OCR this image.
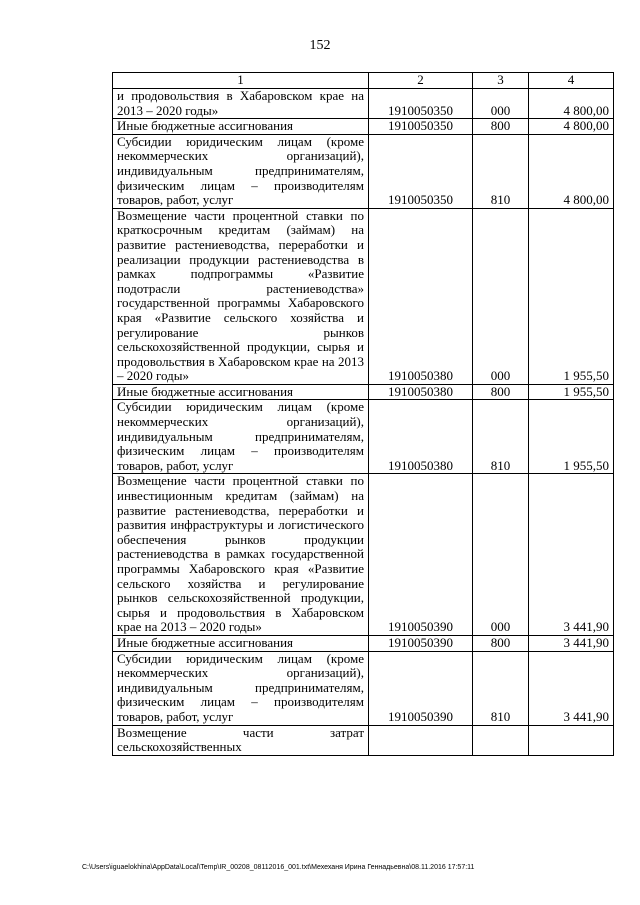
152
1	2	3	4
и продовольствия в Хабаровском крае на 2013 – 2020 годы»	1910050350	000	4 800,00
Иные бюджетные ассигнования	1910050350	800	4 800,00
Субсидии юридическим лицам (кроме некоммерческих организаций), индивидуальным предпринимателям, физическим лицам – производителям товаров, работ, услуг	1910050350	810	4 800,00
Возмещение части процентной ставки по краткосрочным кредитам (займам) на развитие растениеводства, переработки и реализации продукции растениеводства в рамках подпрограммы «Развитие подотрасли растениеводства» государственной программы Хабаровского края «Развитие сельского хозяйства и регулирование рынков сельскохозяйственной продукции, сырья и продовольствия в Хабаровском крае на 2013 – 2020 годы»	1910050380	000	1 955,50
Иные бюджетные ассигнования	1910050380	800	1 955,50
Субсидии юридическим лицам (кроме некоммерческих организаций), индивидуальным предпринимателям, физическим лицам – производителям товаров, работ, услуг	1910050380	810	1 955,50
Возмещение части процентной ставки по инвестиционным кредитам (займам) на развитие растениеводства, переработки и развития инфраструктуры и логистического обеспечения рынков продукции растениеводства в рамках государственной программы Хабаровского края «Развитие сельского хозяйства и регулирование рынков сельскохозяйственной продукции, сырья и продовольствия в Хабаровском крае на 2013 – 2020 годы»	1910050390	000	3 441,90
Иные бюджетные ассигнования	1910050390	800	3 441,90
Субсидии юридическим лицам (кроме некоммерческих организаций), индивидуальным предпринимателям, физическим лицам – производителям товаров, работ, услуг	1910050390	810	3 441,90
Возмещение части затрат сельскохозяйственных			
C:\Users\iguaelokhina\AppData\Local\Temp\IR_00208_08112016_001.txt\Мехеханя Ирина Геннадьевна\08.11.2016 17:57:11
